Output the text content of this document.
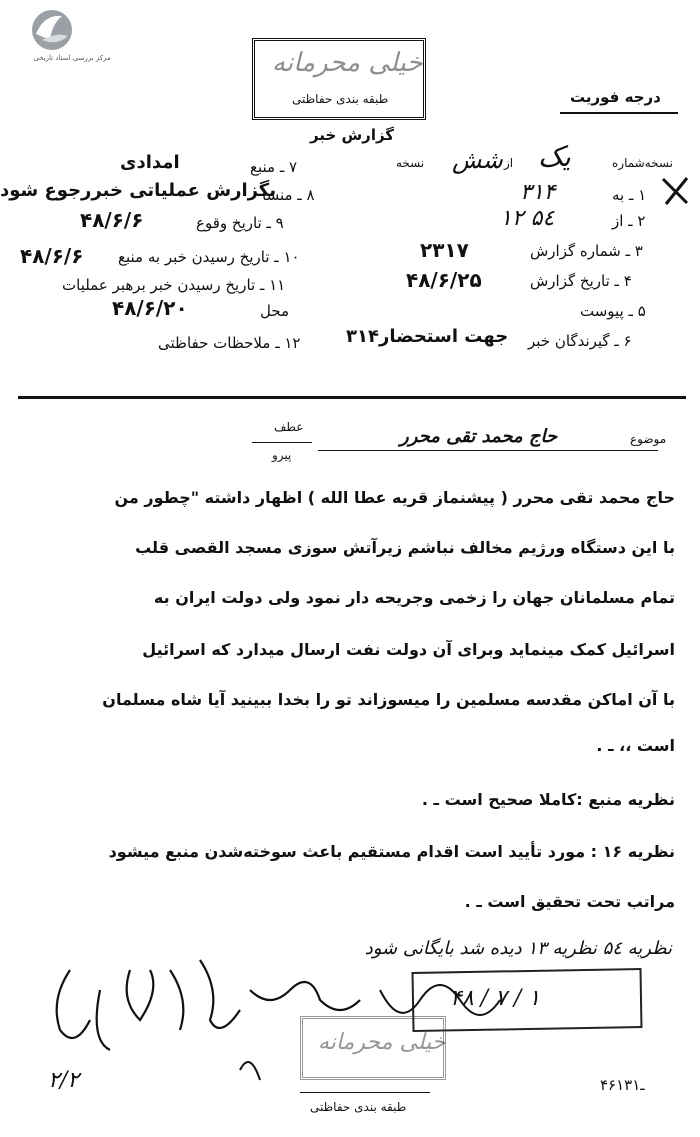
مرکز بررسی اسناد تاریخی	خیلی محرمانه
طبقه بندی حفاظتی	درجه فوریت
گزارش خبر
نسخه‌شماره
یک
از
شش
نسخه
۱ ـ به
۳۱۴
۲ ـ از
۱۲ ۵٤
۳ ـ شماره گزارش
۲۳۱۷
۴ ـ تاریخ گزارش
۴۸/۶/۲۵
۵ ـ پیوست
۶ ـ گیرندگان خبر
۳۱۴جهت استحضار
۷ ـ منبع
امدادی
۸ ـ منشا
بگزارش عملیاتی خبررجوع شود
۹ ـ تاریخ وقوع
۴۸/۶/۶
۱۰ ـ تاریخ رسیدن خبر به منبع
۴۸/۶/۶
۱۱ ـ تاریخ رسیدن خبر برهبر عملیات
محل
۴۸/۶/۲۰
۱۲ ـ ملاحظات حفاظتی
موضوع
حاج محمد تقی محرر
عطف
پیرو
حاج محمد تقی محرر ( پیشنماز قریه عطا الله ) اظهار داشته "چطور من
با این دستگاه ورژیم مخالف نباشم زیرآتش سوزی مسجد القصی قلب
تمام مسلمانان جهان را زخمی وجریحه دار نمود ولی دولت ایران به
اسرائیل کمک مینماید وبرای آن دولت نفت ارسال میدارد که اسرائیل
با آن اماکن مقدسه مسلمین را میسوزاند تو را بخدا ببینید آیا شاه مسلمان
است ،، ـ .
نظریه منبع :کاملا صحیح است ـ .
نظریه ۱۶ : مورد تأیید است اقدام مستقیم باعث سوخته‌شدن منبع میشود
مراتب تحت تحقیق است ـ .
نظریه ۵٤ نظریه ۱۳ دیده شد بایگانی شود
۴۸ / ۷ / ۱
خیلی محرمانه
طبقه بندی حفاظتی
۴۶ـ۱۳۱
۲/۲
